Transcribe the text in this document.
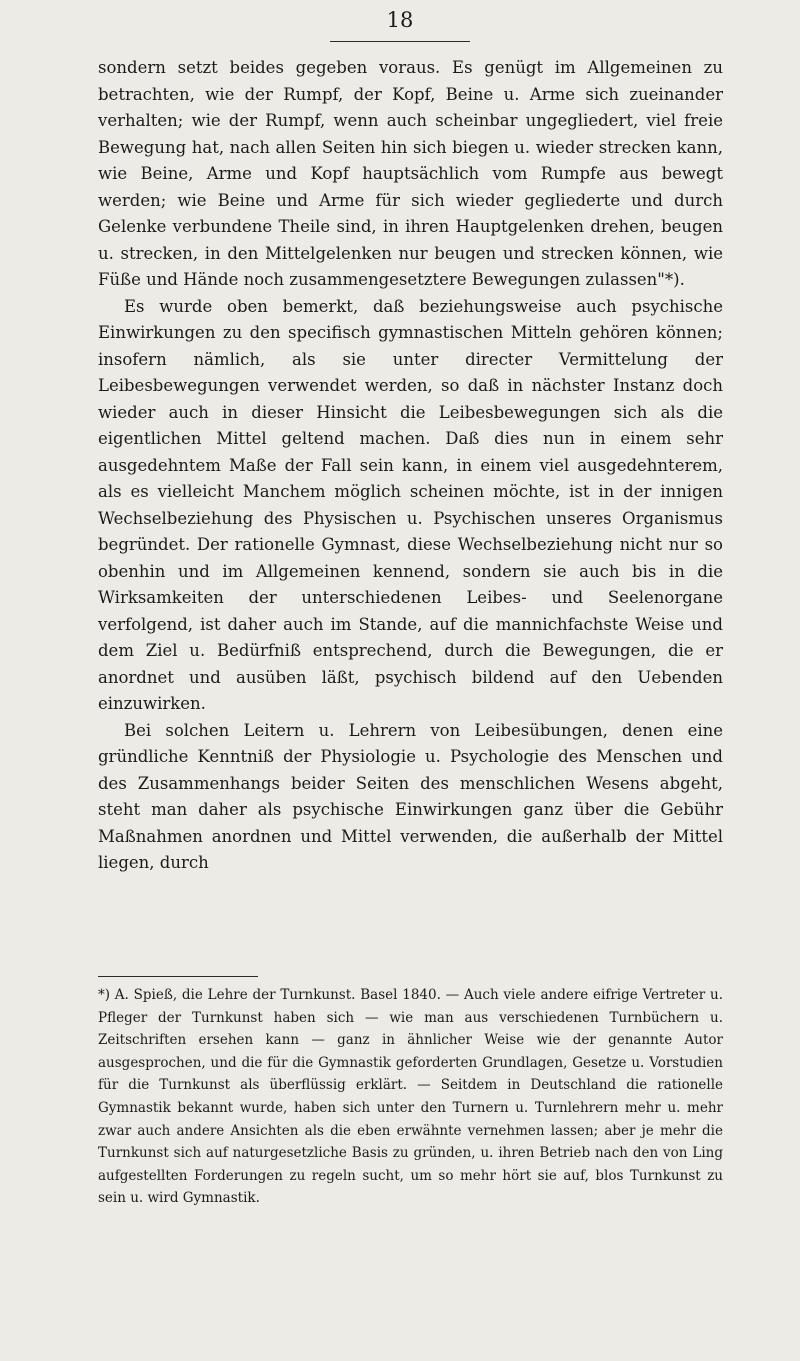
18

sondern setzt beides gegeben voraus. Es genügt im Allgemeinen zu betrachten, wie der Rumpf, der Kopf, Beine u. Arme sich zueinander verhalten; wie der Rumpf, wenn auch scheinbar ungegliedert, viel freie Bewegung hat, nach allen Seiten hin sich biegen u. wieder strecken kann, wie Beine, Arme und Kopf hauptsächlich vom Rumpfe aus bewegt werden; wie Beine und Arme für sich wieder gegliederte und durch Gelenke verbundene Theile sind, in ihren Hauptgelenken drehen, beugen u. strecken, in den Mittelgelenken nur beugen und strecken können, wie Füße und Hände noch zusammengesetztere Bewegungen zulassen"*).

Es wurde oben bemerkt, daß beziehungsweise auch psychische Einwirkungen zu den specifisch gymnastischen Mitteln gehören können; insofern nämlich, als sie unter directer Vermittelung der Leibesbewegungen verwendet werden, so daß in nächster Instanz doch wieder auch in dieser Hinsicht die Leibesbewegungen sich als die eigentlichen Mittel geltend machen. Daß dies nun in einem sehr ausgedehntem Maße der Fall sein kann, in einem viel ausgedehnterem, als es vielleicht Manchem möglich scheinen möchte, ist in der innigen Wechselbeziehung des Physischen u. Psychischen unseres Organismus begründet. Der rationelle Gymnast, diese Wechselbeziehung nicht nur so obenhin und im Allgemeinen kennend, sondern sie auch bis in die Wirksamkeiten der unterschiedenen Leibes- und Seelenorgane verfolgend, ist daher auch im Stande, auf die mannichfachste Weise und dem Ziel u. Bedürfniß entsprechend, durch die Bewegungen, die er anordnet und ausüben läßt, psychisch bildend auf den Uebenden einzuwirken.

Bei solchen Leitern u. Lehrern von Leibesübungen, denen eine gründliche Kenntniß der Physiologie u. Psychologie des Menschen und des Zusammenhangs beider Seiten des menschlichen Wesens abgeht, steht man daher als psychische Einwirkungen ganz über die Gebühr Maßnahmen anordnen und Mittel verwenden, die außerhalb der Mittel liegen, durch

*) A. Spieß, die Lehre der Turnkunst. Basel 1840. — Auch viele andere eifrige Vertreter u. Pfleger der Turnkunst haben sich — wie man aus verschiedenen Turnbüchern u. Zeitschriften ersehen kann — ganz in ähnlicher Weise wie der genannte Autor ausgesprochen, und die für die Gymnastik geforderten Grundlagen, Gesetze u. Vorstudien für die Turnkunst als überflüssig erklärt. — Seitdem in Deutschland die rationelle Gymnastik bekannt wurde, haben sich unter den Turnern u. Turnlehrern mehr u. mehr zwar auch andere Ansichten als die eben erwähnte vernehmen lassen; aber je mehr die Turnkunst sich auf naturgesetzliche Basis zu gründen, u. ihren Betrieb nach den von Ling aufgestellten Forderungen zu regeln sucht, um so mehr hört sie auf, blos Turnkunst zu sein u. wird Gymnastik.
